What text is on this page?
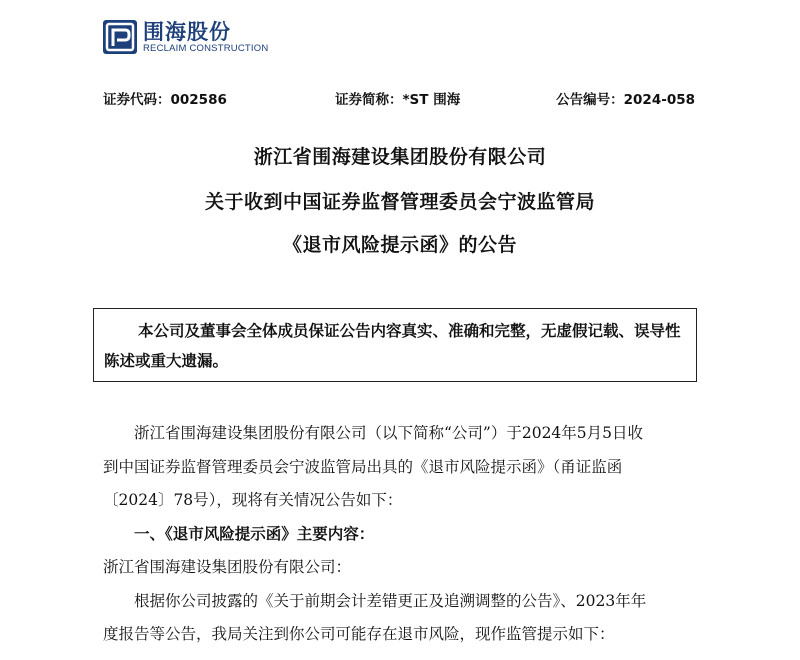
围海股份
RECLAIM CONSTRUCTION
证券代码：002586	证券简称：*ST 围海	公告编号：2024-058
浙江省围海建设集团股份有限公司
关于收到中国证券监督管理委员会宁波监管局
《退市风险提示函》的公告

本公司及董事会全体成员保证公告内容真实、准确和完整，无虚假记载、误导性陈述或重大遗漏。

浙江省围海建设集团股份有限公司（以下简称“公司”）于2024年5月5日收
到中国证券监督管理委员会宁波监管局出具的《退市风险提示函》（甬证监函
〔2024〕78号），现将有关情况公告如下：
一、《退市风险提示函》主要内容：
浙江省围海建设集团股份有限公司：
根据你公司披露的《关于前期会计差错更正及追溯调整的公告》、2023年年
度报告等公告，我局关注到你公司可能存在退市风险，现作监管提示如下：
